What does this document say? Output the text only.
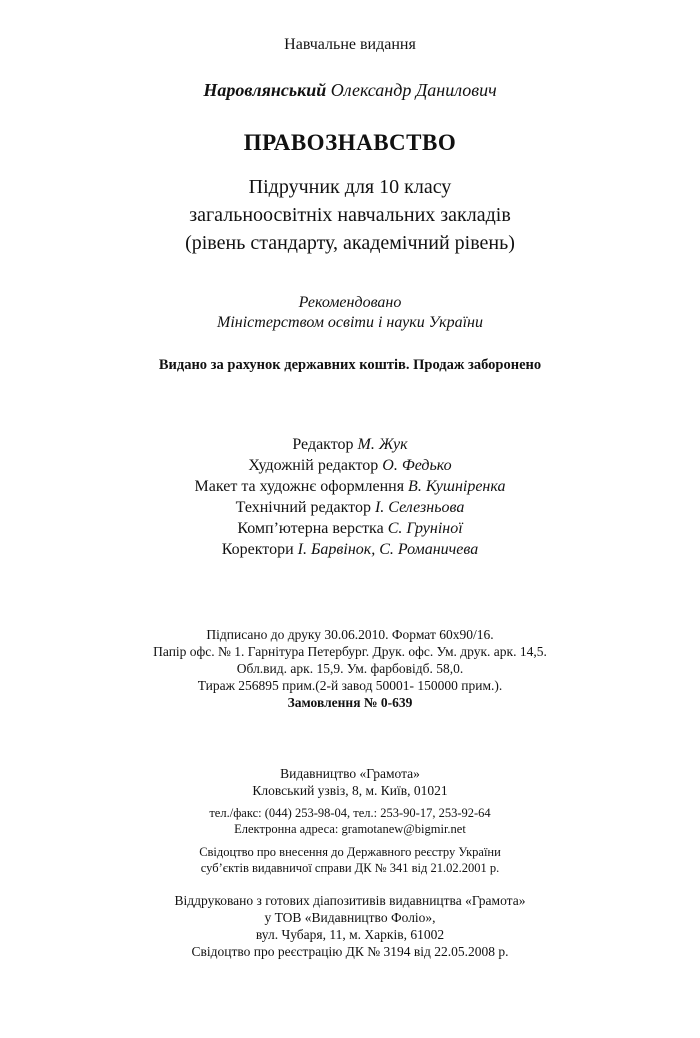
Навчальне видання
Наровлянський Олександр Данилович
ПРАВОЗНАВСТВО
Підручник для 10 класу
загальноосвітніх навчальних закладів
(рівень стандарту, академічний рівень)
Рекомендовано
Міністерством освіти і науки України
Видано за рахунок державних коштів. Продаж заборонено
Редактор М. Жук
Художній редактор О. Федько
Макет та художнє оформлення В. Кушніренка
Технічний редактор І. Селезньова
Комп’ютерна верстка С. Груніної
Коректори І. Барвінок, С. Романичева
Підписано до друку 30.06.2010. Формат 60x90/16.
Папір офс. № 1. Гарнітура Петербург. Друк. офс. Ум. друк. арк. 14,5.
Обл.вид. арк. 15,9. Ум. фарбовідб. 58,0.
Тираж 256895 прим.(2-й завод 50001- 150000 прим.).
Замовлення № 0-639
Видавництво «Грамота»
Кловський узвіз, 8, м. Київ, 01021
тел./факс: (044) 253-98-04, тел.: 253-90-17, 253-92-64
Електронна адреса: gramotanew@bigmir.net
Свідоцтво про внесення до Державного реєстру України
суб’єктів видавничої справи ДК № 341 від 21.02.2001 р.
Віддруковано з готових діапозитивів видавництва «Грамота»
у ТОВ «Видавництво Фоліо»,
вул. Чубаря, 11, м. Харків, 61002
Свідоцтво про реєстрацію ДК № 3194 від 22.05.2008 р.
